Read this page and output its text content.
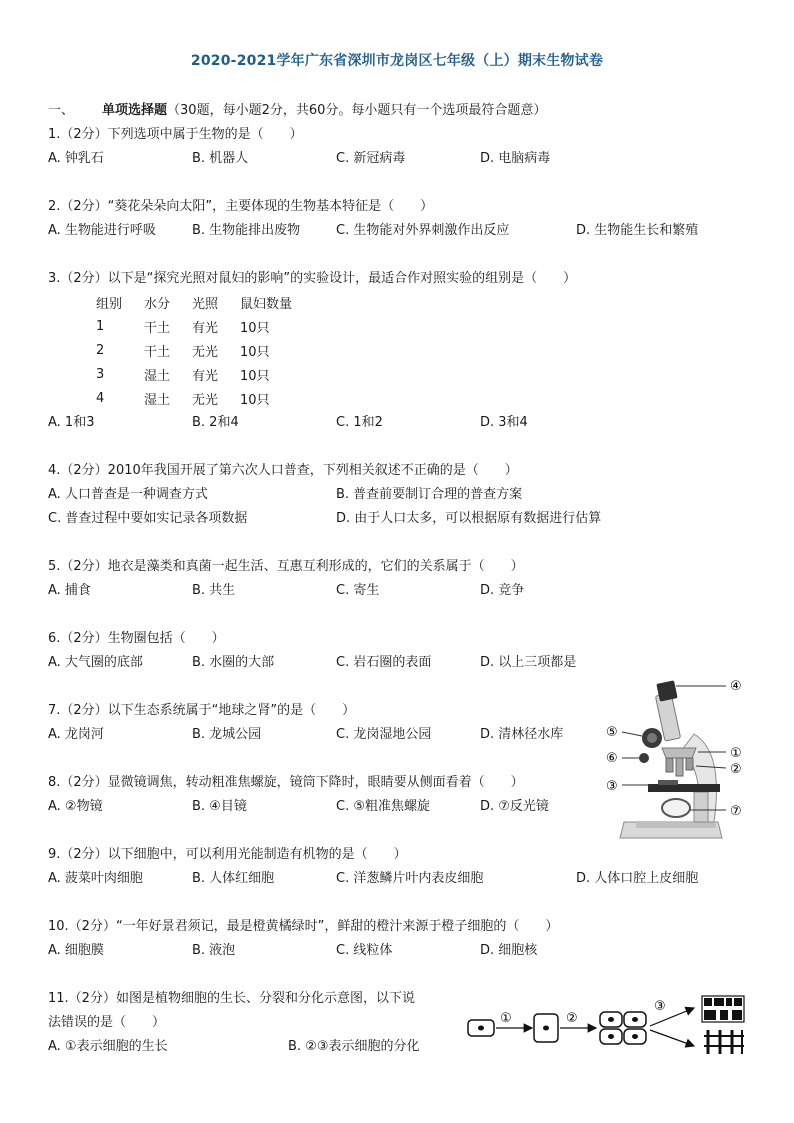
2020-2021学年广东省深圳市龙岗区七年级（上）期末生物试卷
一、 单项选择题（30题，每小题2分，共60分。每小题只有一个选项最符合题意）
1.（2分）下列选项中属于生物的是（　　）
A. 钟乳石	B. 机器人	C. 新冠病毒	D. 电脑病毒
2.（2分）“葵花朵朵向太阳”，主要体现的生物基本特征是（　　）
A. 生物能进行呼吸	B. 生物能排出废物	C. 生物能对外界刺激作出反应	D. 生物能生长和繁殖
3.（2分）以下是“探究光照对鼠妇的影响”的实验设计，最适合作对照实验的组别是（　　）
组别	水分	光照	鼠妇数量
1	干土	有光	10只
2	干土	无光	10只
3	湿土	有光	10只
4	湿土	无光	10只
A. 1和3	B. 2和4	C. 1和2	D. 3和4
4.（2分）2010年我国开展了第六次人口普查，下列相关叙述不正确的是（　　）
A. 人口普查是一种调查方式	B. 普查前要制订合理的普查方案
C. 普查过程中要如实记录各项数据	D. 由于人口太多，可以根据原有数据进行估算
5.（2分）地衣是藻类和真菌一起生活、互惠互利形成的，它们的关系属于（　　）
A. 捕食	B. 共生	C. 寄生	D. 竞争
6.（2分）生物圈包括（　　）
A. 大气圈的底部	B. 水圈的大部	C. 岩石圈的表面	D. 以上三项都是
7.（2分）以下生态系统属于“地球之肾”的是（　　）
A. 龙岗河	B. 龙城公园	C. 龙岗湿地公园	D. 清林径水库
8.（2分）显微镜调焦，转动粗准焦螺旋，镜筒下降时，眼睛要从侧面看着（　　）
A. ②物镜	B. ④目镜	C. ⑤粗准焦螺旋	D. ⑦反光镜
9.（2分）以下细胞中，可以利用光能制造有机物的是（　　）
A. 菠菜叶肉细胞	B. 人体红细胞	C. 洋葱鳞片叶内表皮细胞	D. 人体口腔上皮细胞
10.（2分）“一年好景君须记，最是橙黄橘绿时”，鲜甜的橙汁来源于橙子细胞的（　　）
A. 细胞膜	B. 液泡	C. 线粒体	D. 细胞核
11.（2分）如图是植物细胞的生长、分裂和分化示意图，以下说
法错误的是（　　）
A. ①表示细胞的生长	B. ②③表示细胞的分化
④
①
②
③
⑤
⑥
⑦
①	②
③
